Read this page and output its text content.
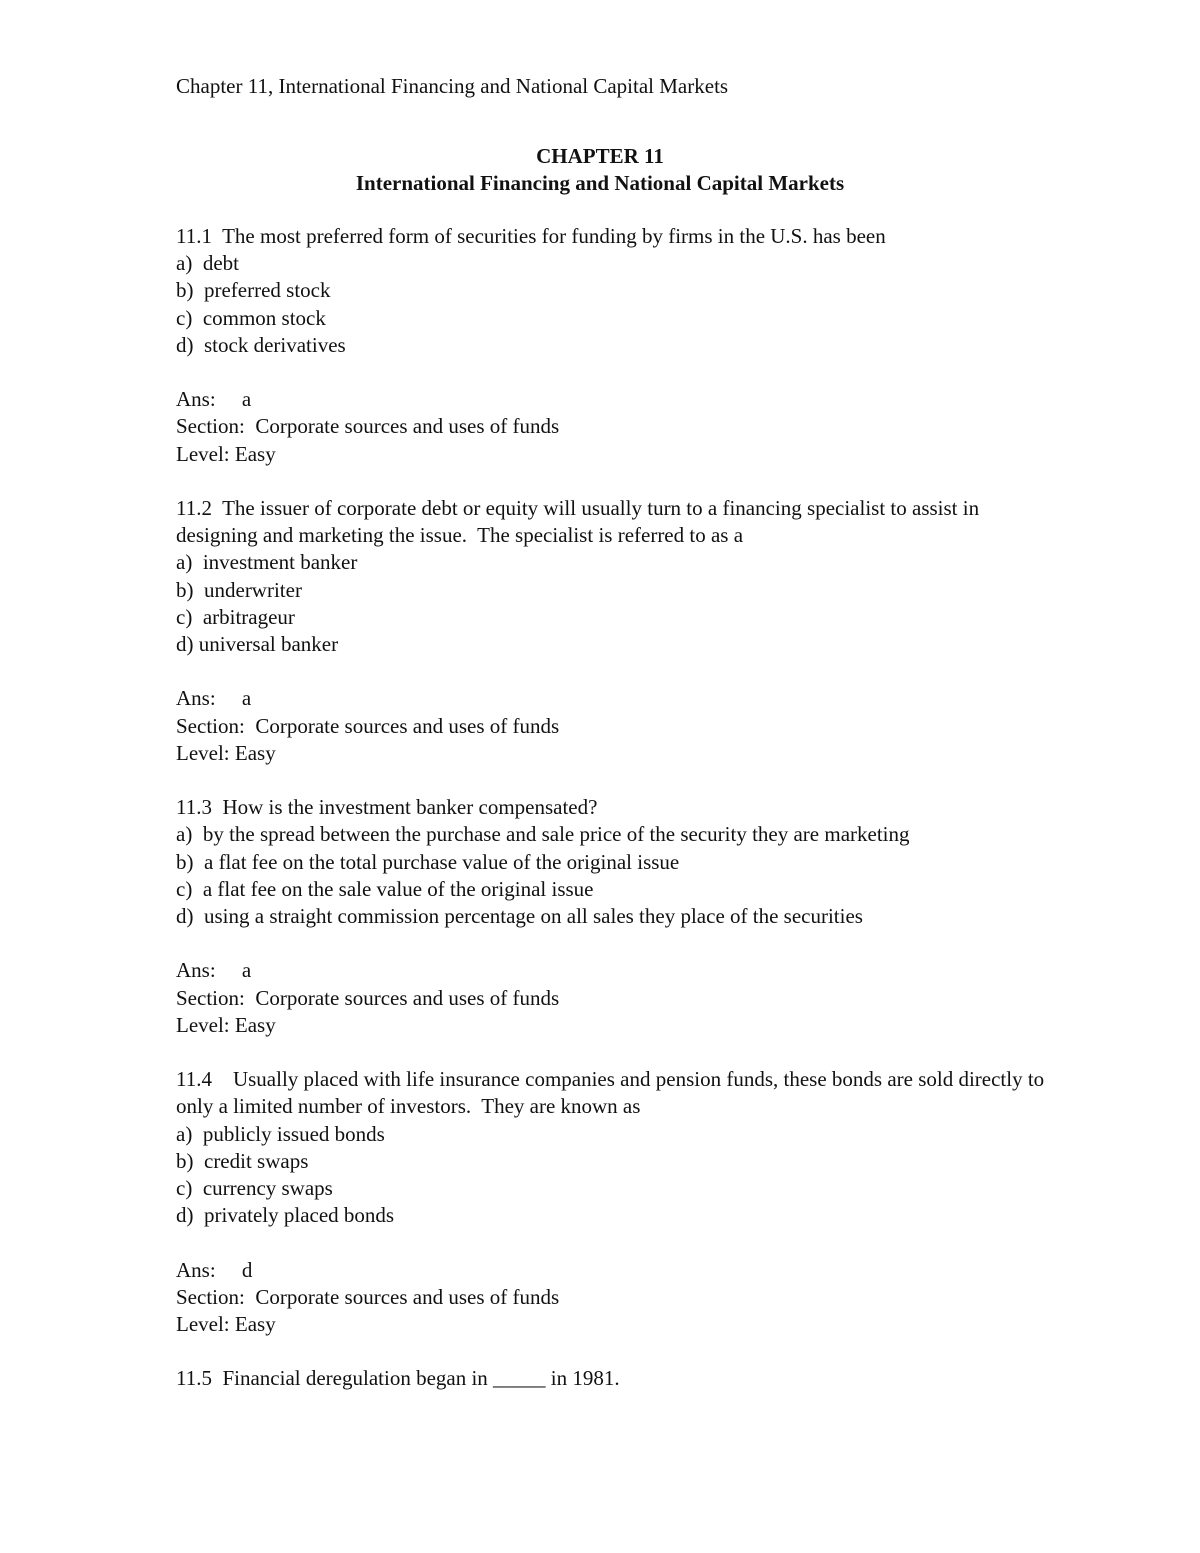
Chapter 11, International Financing and National Capital Markets
CHAPTER 11
International Financing and National Capital Markets
11.1  The most preferred form of securities for funding by firms in the U.S. has been
a)  debt
b)  preferred stock
c)  common stock
d)  stock derivatives
Ans:     a
Section:  Corporate sources and uses of funds
Level: Easy
11.2  The issuer of corporate debt or equity will usually turn to a financing specialist to assist in designing and marketing the issue.  The specialist is referred to as a
a)  investment banker
b)  underwriter
c)  arbitrageur
d) universal banker
Ans:     a
Section:  Corporate sources and uses of funds
Level: Easy
11.3  How is the investment banker compensated?
a)  by the spread between the purchase and sale price of the security they are marketing
b)  a flat fee on the total purchase value of the original issue
c)  a flat fee on the sale value of the original issue
d)  using a straight commission percentage on all sales they place of the securities
Ans:     a
Section:  Corporate sources and uses of funds
Level: Easy
11.4    Usually placed with life insurance companies and pension funds, these bonds are sold directly to only a limited number of investors.  They are known as
a)  publicly issued bonds
b)  credit swaps
c)  currency swaps
d)  privately placed bonds
Ans:     d
Section:  Corporate sources and uses of funds
Level: Easy
11.5  Financial deregulation began in _____ in 1981.
